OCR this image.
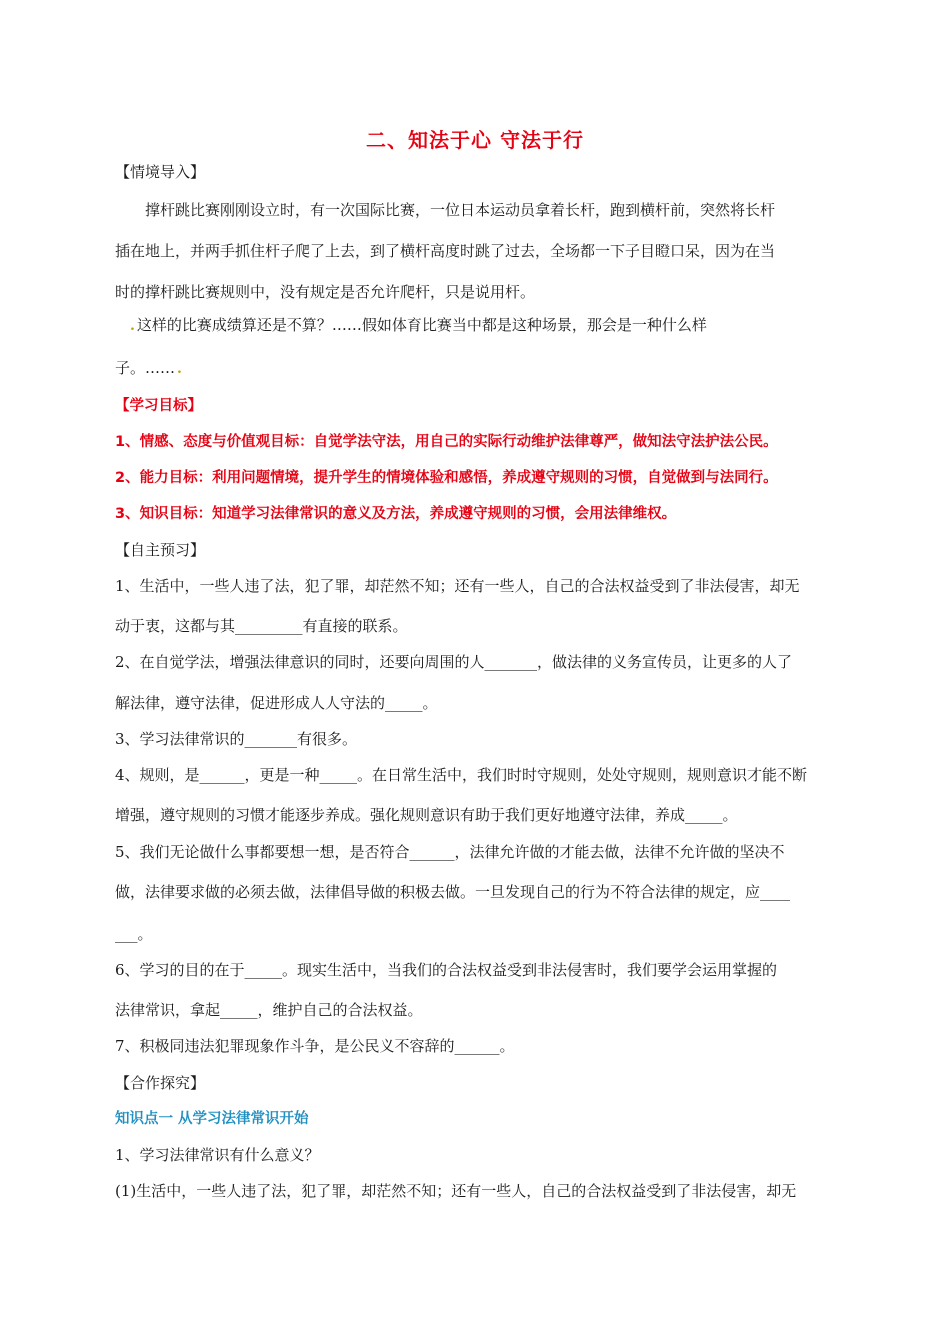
二、知法于心 守法于行
【情境导入】
撑杆跳比赛刚刚设立时，有一次国际比赛，一位日本运动员拿着长杆，跑到横杆前，突然将长杆
插在地上，并两手抓住杆子爬了上去，到了横杆高度时跳了过去，全场都一下子目瞪口呆，因为在当
时的撑杆跳比赛规则中，没有规定是否允许爬杆，只是说用杆。
. 这样的比赛成绩算还是不算？……假如体育比赛当中都是这种场景，那会是一种什么样
子。…… .
【学习目标】
1、情感、态度与价值观目标：自觉学法守法，用自己的实际行动维护法律尊严，做知法守法护法公民。
2、能力目标：利用问题情境，提升学生的情境体验和感悟，养成遵守规则的习惯，自觉做到与法同行。
3、知识目标：知道学习法律常识的意义及方法，养成遵守规则的习惯，会用法律维权。
【自主预习】
1、生活中，一些人违了法，犯了罪，却茫然不知；还有一些人，自己的合法权益受到了非法侵害，却无
动于衷，这都与其_________有直接的联系。
2、在自觉学法，增强法律意识的同时，还要向周围的人_______，做法律的义务宣传员，让更多的人了
解法律，遵守法律，促进形成人人守法的_____。
3、学习法律常识的_______有很多。
4、规则，是______，更是一种_____。在日常生活中，我们时时守规则，处处守规则，规则意识才能不断
增强，遵守规则的习惯才能逐步养成。强化规则意识有助于我们更好地遵守法律，养成_____。
5、我们无论做什么事都要想一想，是否符合______，法律允许做的才能去做，法律不允许做的坚决不
做，法律要求做的必须去做，法律倡导做的积极去做。一旦发现自己的行为不符合法律的规定，应____
___。
6、学习的目的在于_____。现实生活中，当我们的合法权益受到非法侵害时，我们要学会运用掌握的
法律常识，拿起_____，维护自己的合法权益。
7、积极同违法犯罪现象作斗争，是公民义不容辞的______。
【合作探究】
知识点一 从学习法律常识开始
1、学习法律常识有什么意义？
(1)生活中，一些人违了法，犯了罪，却茫然不知；还有一些人，自己的合法权益受到了非法侵害，却无
